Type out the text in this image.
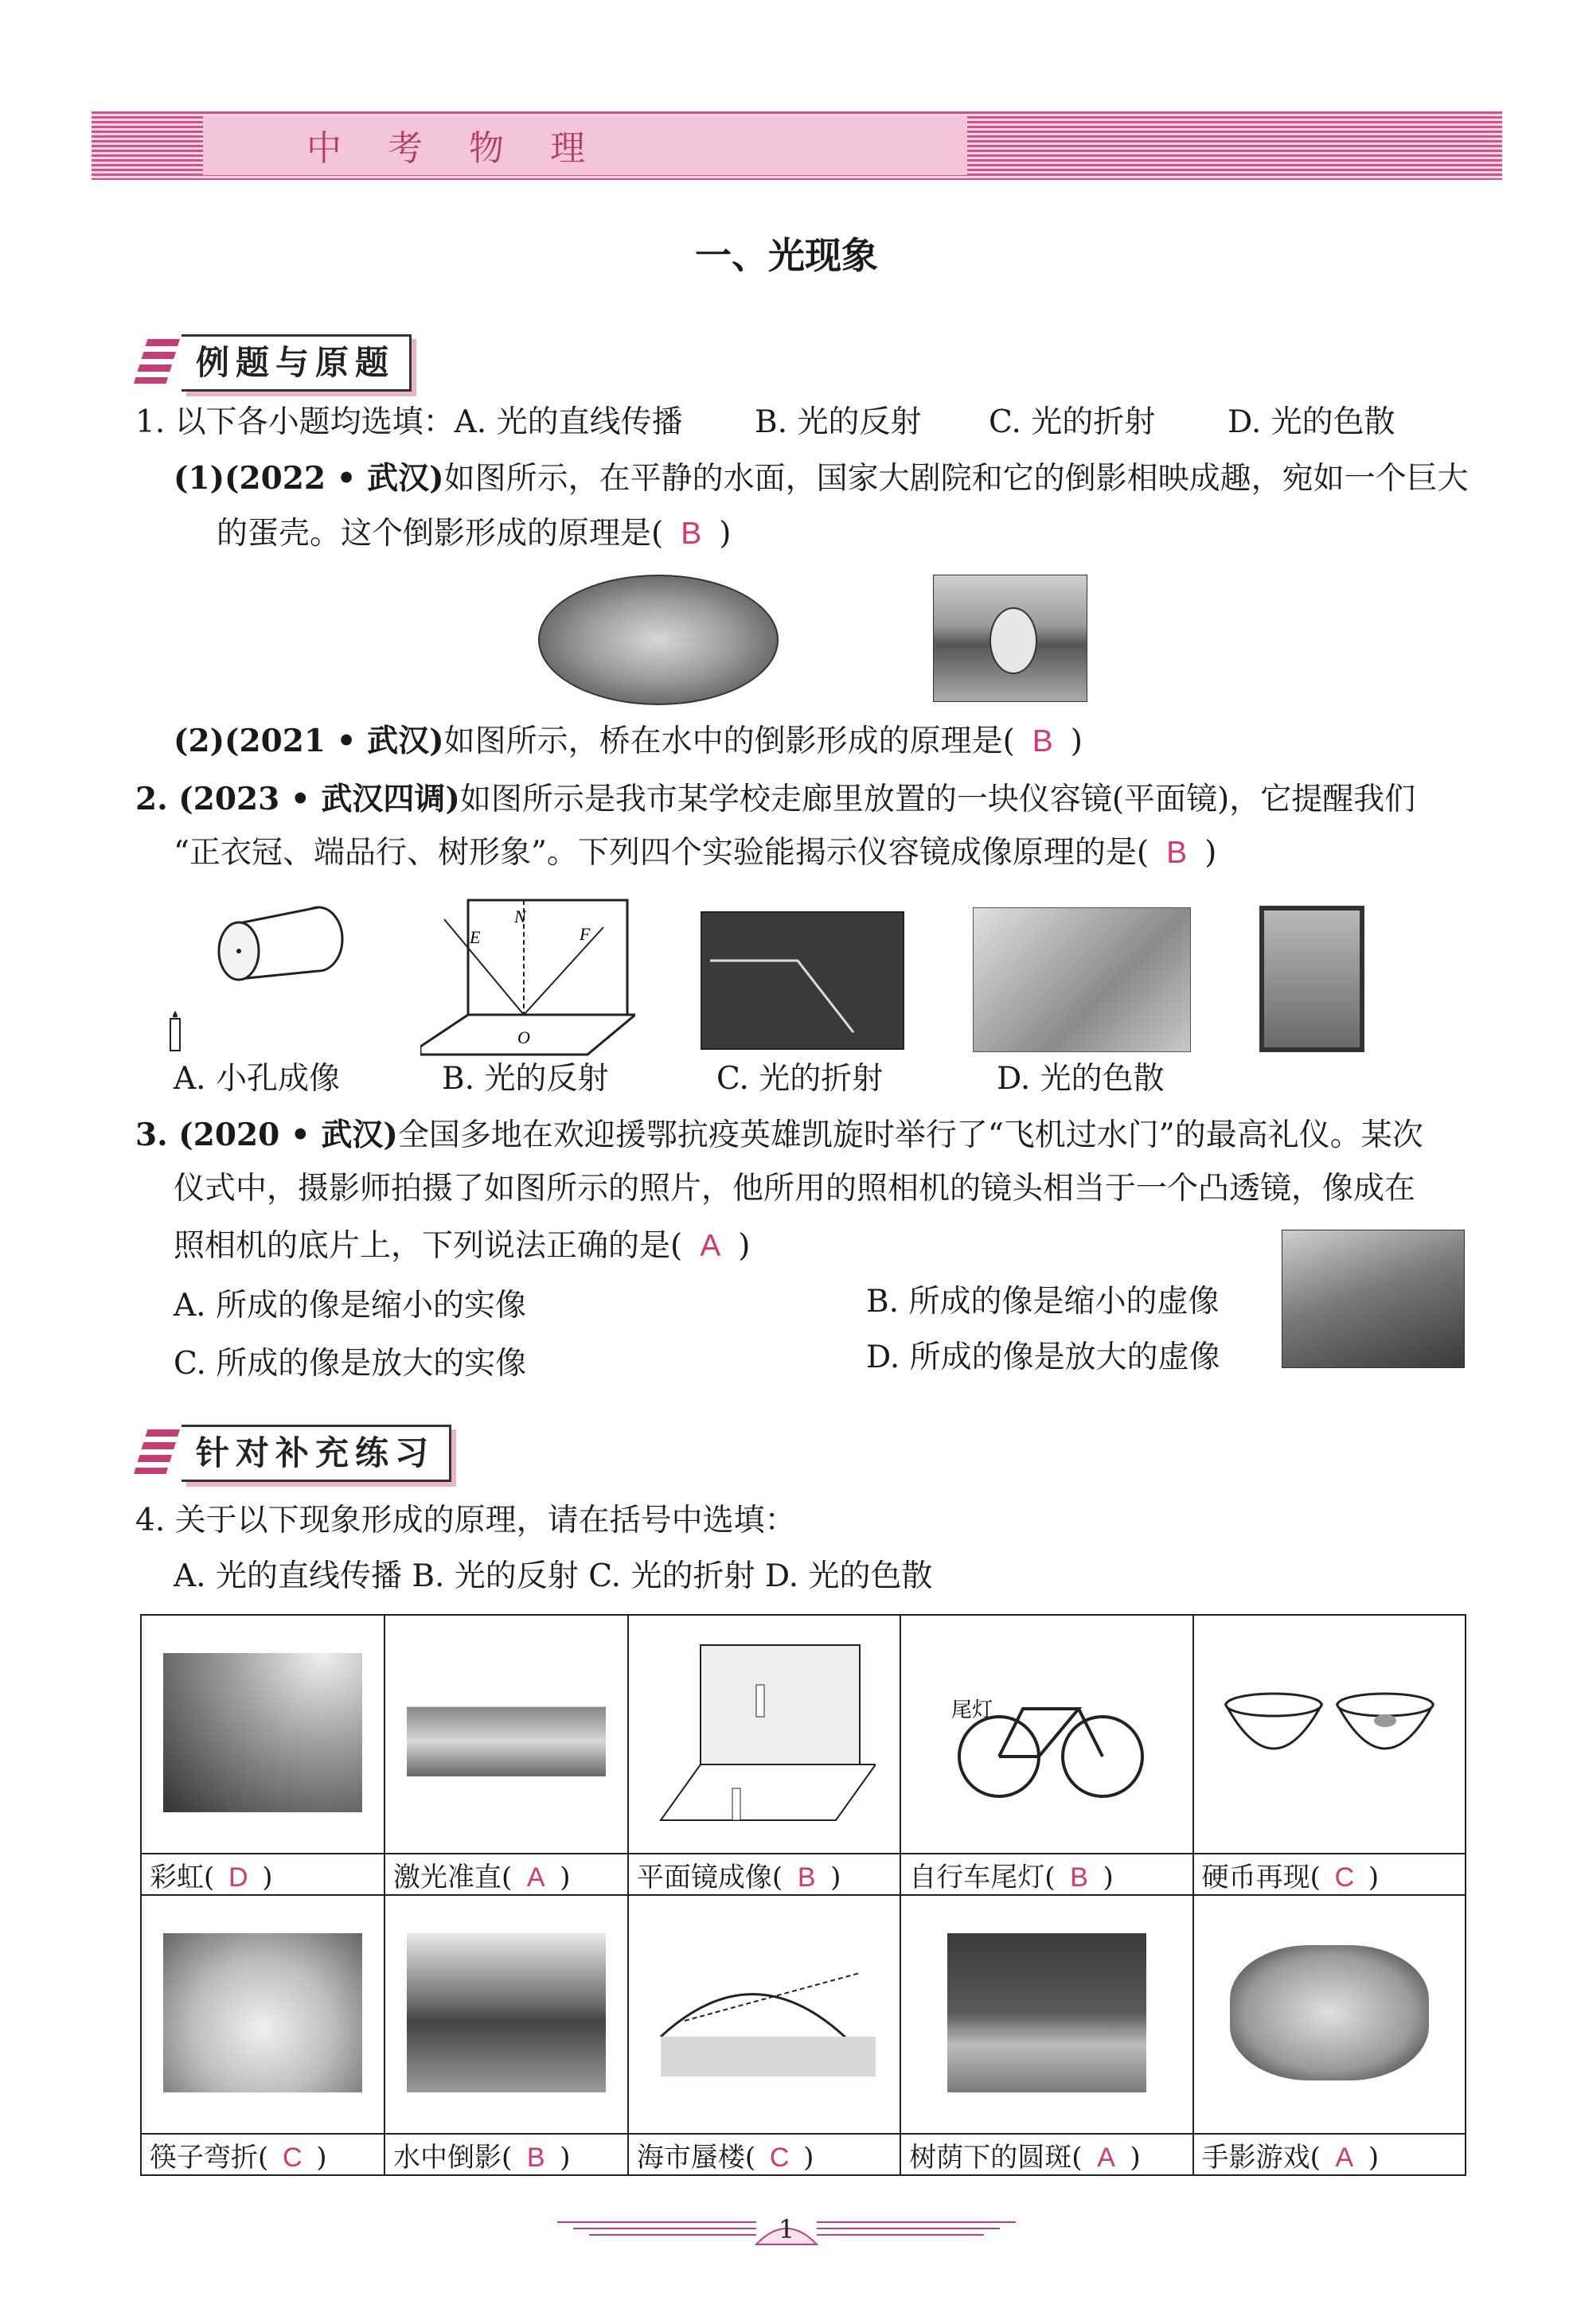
中考物理
一、光现象
例题与原题
1. 以下各小题均选填：A. 光的直线传播 B. 光的反射 C. 光的折射 D. 光的色散
(1)(2022 • 武汉)如图所示，在平静的水面，国家大剧院和它的倒影相映成趣，宛如一个巨大
的蛋壳。这个倒影形成的原理是( B )
(2)(2021 • 武汉)如图所示，桥在水中的倒影形成的原理是( B )
2. (2023 • 武汉四调)如图所示是我市某学校走廊里放置的一块仪容镜(平面镜)，它提醒我们
“正衣冠、端品行、树形象”。下列四个实验能揭示仪容镜成像原理的是( B )
A. 小孔成像
N
E	F
O
B. 光的反射	C. 光的折射	D. 光的色散
3. (2020 • 武汉)全国多地在欢迎援鄂抗疫英雄凯旋时举行了“飞机过水门”的最高礼仪。某次
仪式中，摄影师拍摄了如图所示的照片，他所用的照相机的镜头相当于一个凸透镜，像成在
照相机的底片上，下列说法正确的是( A )
A. 所成的像是缩小的实像	B. 所成的像是缩小的虚像
C. 所成的像是放大的实像	D. 所成的像是放大的虚像
针对补充练习
4. 关于以下现象形成的原理，请在括号中选填：
A. 光的直线传播 B. 光的反射 C. 光的折射 D. 光的色散

尾灯

彩虹( D )	激光准直( A )	平面镜成像( B )	自行车尾灯( B )	硬币再现( C )

筷子弯折( C )	水中倒影( B )	海市蜃楼( C )	树荫下的圆斑( A )	手影游戏( A )
1
